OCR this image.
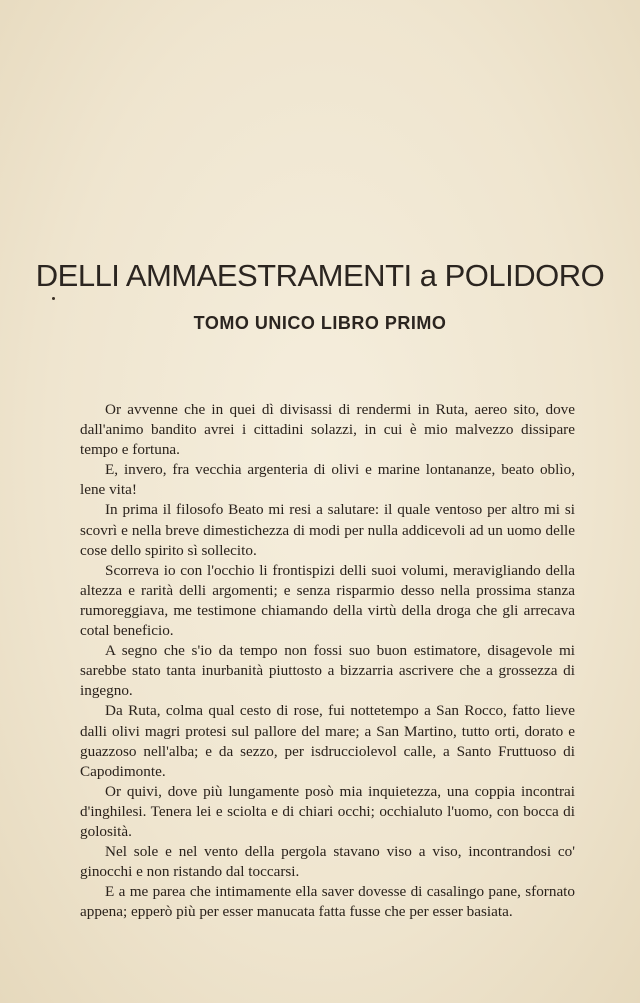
DELLI AMMAESTRAMENTI a POLIDORO
TOMO UNICO LIBRO PRIMO

Or avvenne che in quei dì divisassi di rendermi in Ruta, aereo sito, dove dall'animo bandito avrei i cittadini solazzi, in cui è mio malvezzo dissipare tempo e fortuna.

E, invero, fra vecchia argenteria di olivi e marine lontananze, beato oblìo, lene vita!

In prima il filosofo Beato mi resi a salutare: il quale ventoso per altro mi si scovrì e nella breve dimestichezza di modi per nulla addicevoli ad un uomo delle cose dello spirito sì sollecito.

Scorreva io con l'occhio li frontispizi delli suoi volumi, meravigliando della altezza e rarità delli argomenti; e senza risparmio desso nella prossima stanza rumoreggiava, me testimone chiamando della virtù della droga che gli arrecava cotal beneficio.

A segno che s'io da tempo non fossi suo buon estimatore, disagevole mi sarebbe stato tanta inurbanità piuttosto a bizzarria ascrivere che a grossezza di ingegno.

Da Ruta, colma qual cesto di rose, fui nottetempo a San Rocco, fatto lieve dalli olivi magri protesi sul pallore del mare; a San Martino, tutto orti, dorato e guazzoso nell'alba; e da sezzo, per isdrucciolevol calle, a Santo Fruttuoso di Capodimonte.

Or quivi, dove più lungamente posò mia inquietezza, una coppia incontrai d'inghilesi. Tenera lei e sciolta e di chiari occhi; occhialuto l'uomo, con bocca di golosità.

Nel sole e nel vento della pergola stavano viso a viso, incontrandosi co' ginocchi e non ristando dal toccarsi.

E a me parea che intimamente ella saver dovesse di casalingo pane, sfornato appena; epperò più per esser manucata fatta fusse che per esser basiata.
